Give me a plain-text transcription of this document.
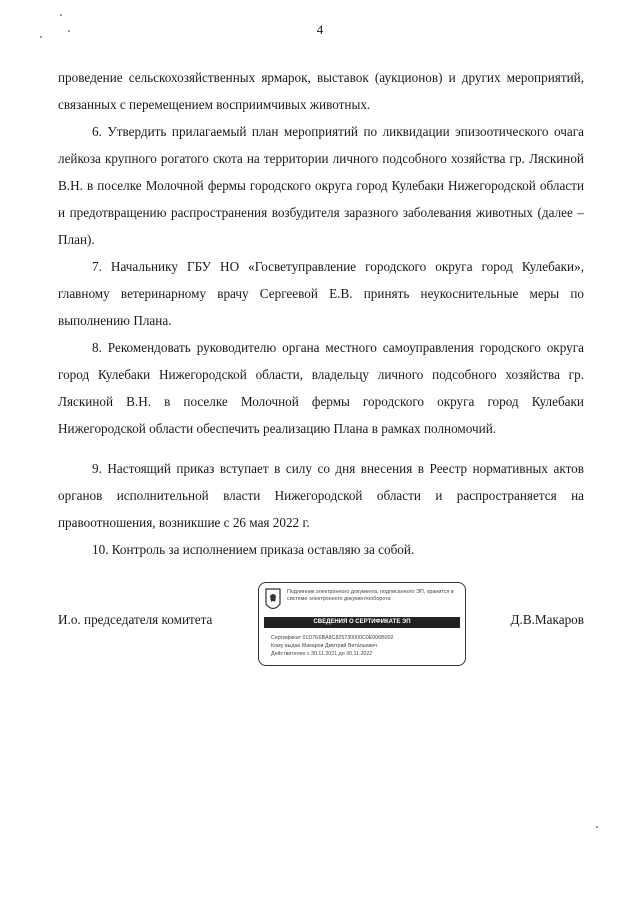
4

проведение сельскохозяйственных ярмарок, выставок (аукционов) и других мероприятий, связанных с перемещением восприимчивых животных.

6. Утвердить прилагаемый план мероприятий по ликвидации эпизоотического очага лейкоза крупного рогатого скота на территории личного подсобного хозяйства гр. Ляскиной В.Н. в поселке Молочной фермы городского округа город Кулебаки Нижегородской области и предотвращению распространения возбудителя заразного заболевания животных (далее – План).

7. Начальнику ГБУ НО «Госветуправление городского округа город Кулебаки», главному ветеринарному врачу Сергеевой Е.В. принять неукоснительные меры по выполнению Плана.

8. Рекомендовать руководителю органа местного самоуправления городского округа город Кулебаки Нижегородской области, владельцу личного подсобного хозяйства гр. Ляскиной В.Н. в поселке Молочной фермы городского округа город Кулебаки Нижегородской области обеспечить реализацию Плана в рамках полномочий.

9. Настоящий приказ вступает в силу со дня внесения в Реестр нормативных актов органов исполнительной власти Нижегородской области и распространяется на правоотношения, возникшие с 26 мая 2022 г.

10. Контроль за исполнением приказа оставляю за собой.

И.о. председателя комитета	Д.В.Макаров
Подлинник электронного документа, подписанного ЭП, хранится в системе электронного документооборота
СВЕДЕНИЯ О СЕРТИФИКАТЕ ЭП
Сертификат 01D7E6BA8C825730000C0E006B002
Кому выдан Макаров Дмитрий Витальевич
Действителен с 30.11.2021 до 30.11.2022
